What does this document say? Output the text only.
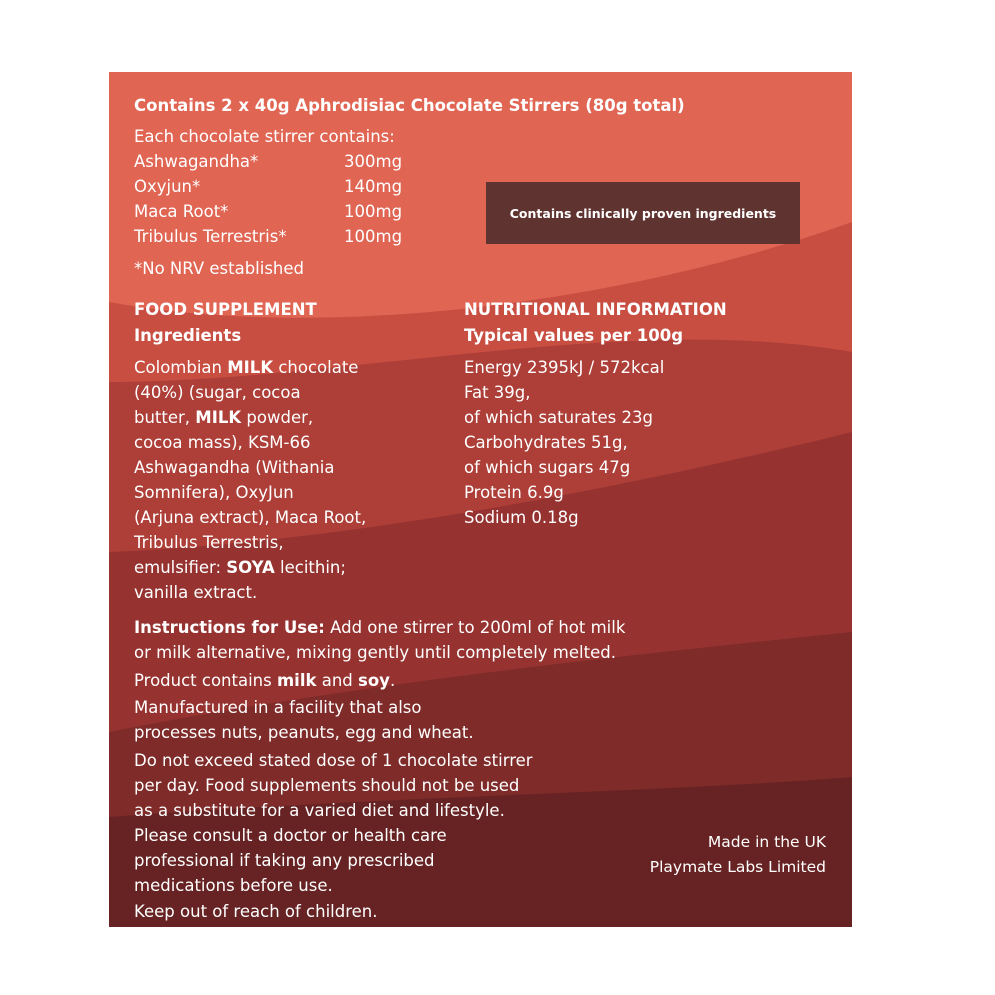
Contains 2 x 40g Aphrodisiac Chocolate Stirrers (80g total)
Each chocolate stirrer contains:
Ashwagandha*	300mg
Oxyjun*	140mg
Maca Root*	100mg
Tribulus Terrestris*	100mg
*No NRV established
Contains clinically proven ingredients
FOOD SUPPLEMENT
Ingredients
Colombian MILK chocolate
(40%) (sugar, cocoa
butter, MILK powder,
cocoa mass), KSM-66
Ashwagandha (Withania
Somnifera), OxyJun
(Arjuna extract), Maca Root,
Tribulus Terrestris,
emulsifier: SOYA lecithin;
vanilla extract.
NUTRITIONAL INFORMATION
Typical values per 100g
Energy 2395kJ / 572kcal
Fat 39g,
of which saturates 23g
Carbohydrates 51g,
of which sugars 47g
Protein 6.9g
Sodium 0.18g
Instructions for Use: Add one stirrer to 200ml of hot milk
or milk alternative, mixing gently until completely melted.
Product contains milk and soy.
Manufactured in a facility that also
processes nuts, peanuts, egg and wheat.
Do not exceed stated dose of 1 chocolate stirrer
per day. Food supplements should not be used
as a substitute for a varied diet and lifestyle.
Please consult a doctor or health care
professional if taking any prescribed
medications before use.
Keep out of reach of children.
Made in the UK
Playmate Labs Limited
